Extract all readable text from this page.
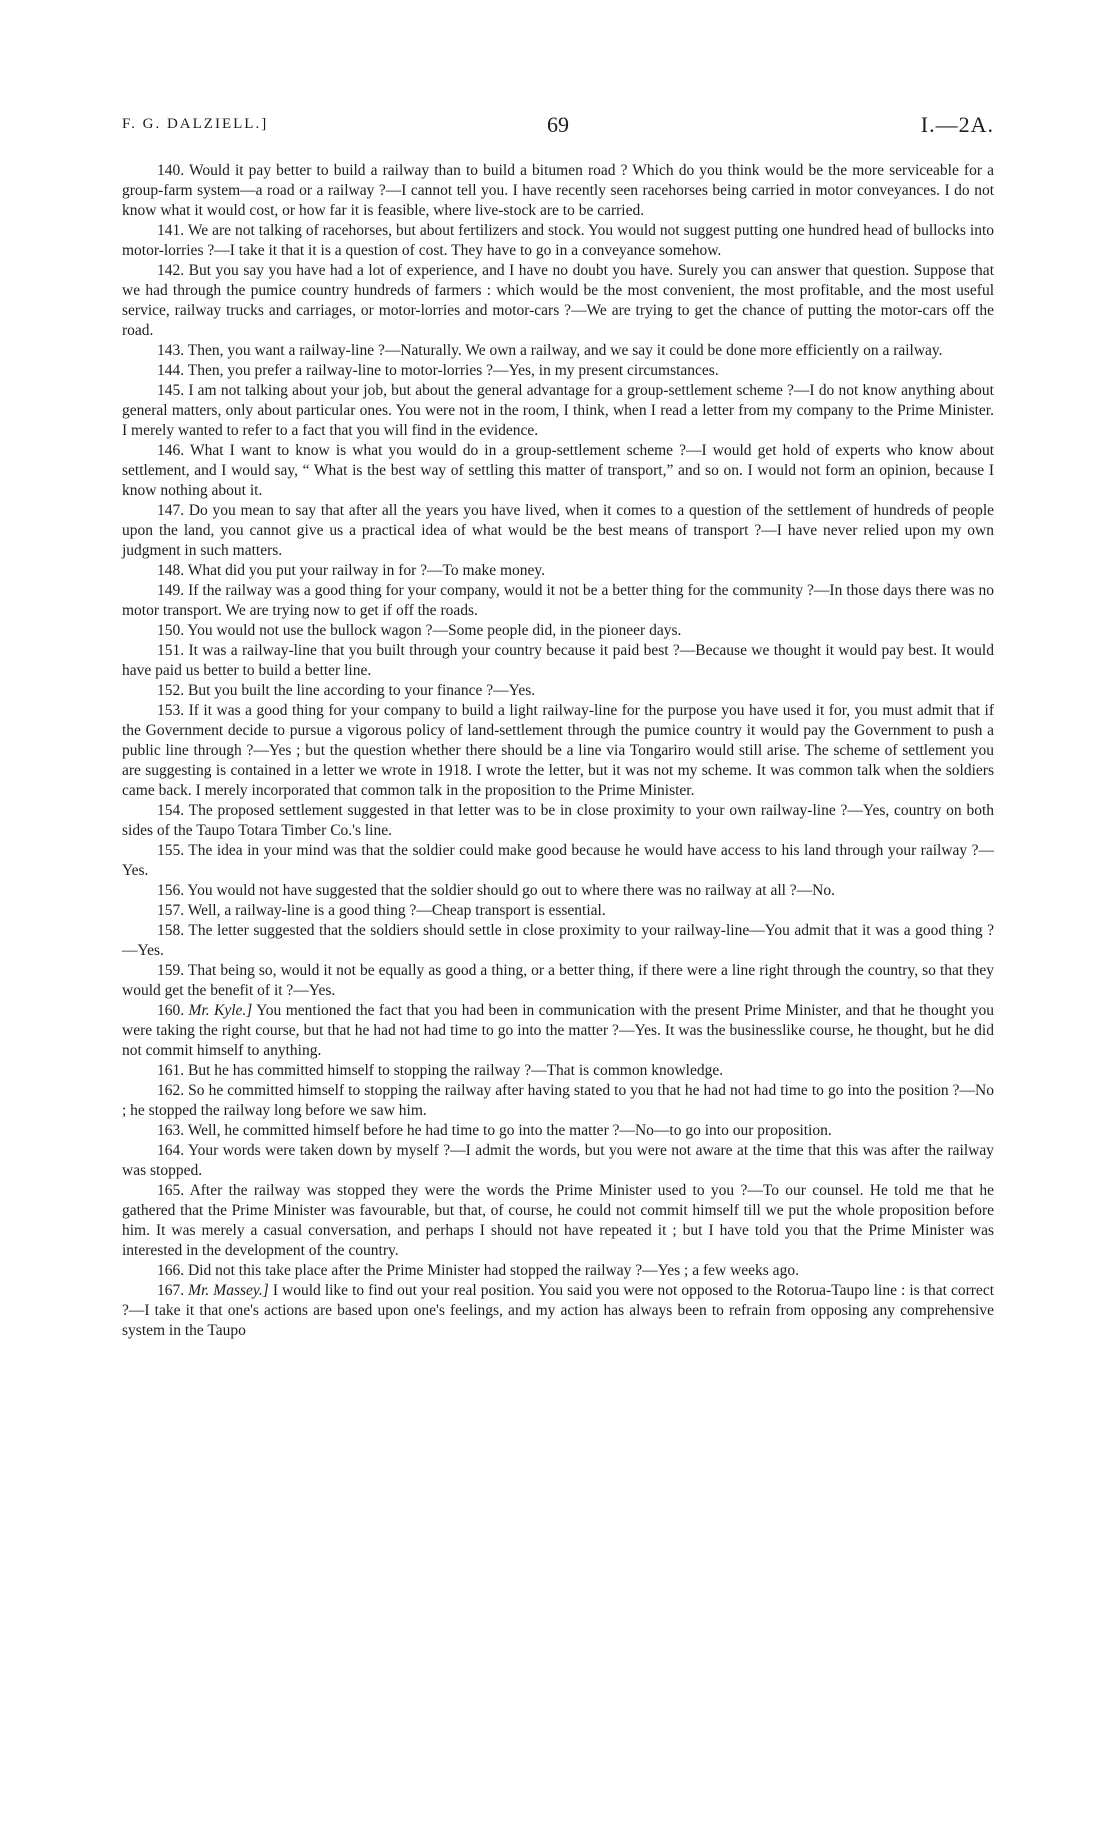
F. G. DALZIELL.]	69	I.—2A.

140. Would it pay better to build a railway than to build a bitumen road ? Which do you think would be the more serviceable for a group-farm system—a road or a railway ?—I cannot tell you. I have recently seen racehorses being carried in motor conveyances. I do not know what it would cost, or how far it is feasible, where live-stock are to be carried.

141. We are not talking of racehorses, but about fertilizers and stock. You would not suggest putting one hundred head of bullocks into motor-lorries ?—I take it that it is a question of cost. They have to go in a conveyance somehow.

142. But you say you have had a lot of experience, and I have no doubt you have. Surely you can answer that question. Suppose that we had through the pumice country hundreds of farmers : which would be the most convenient, the most profitable, and the most useful service, railway trucks and carriages, or motor-lorries and motor-cars ?—We are trying to get the chance of putting the motor-cars off the road.

143. Then, you want a railway-line ?—Naturally. We own a railway, and we say it could be done more efficiently on a railway.

144. Then, you prefer a railway-line to motor-lorries ?—Yes, in my present circumstances.

145. I am not talking about your job, but about the general advantage for a group-settlement scheme ?—I do not know anything about general matters, only about particular ones. You were not in the room, I think, when I read a letter from my company to the Prime Minister. I merely wanted to refer to a fact that you will find in the evidence.

146. What I want to know is what you would do in a group-settlement scheme ?—I would get hold of experts who know about settlement, and I would say, “ What is the best way of settling this matter of transport,” and so on. I would not form an opinion, because I know nothing about it.

147. Do you mean to say that after all the years you have lived, when it comes to a question of the settlement of hundreds of people upon the land, you cannot give us a practical idea of what would be the best means of transport ?—I have never relied upon my own judgment in such matters.

148. What did you put your railway in for ?—To make money.

149. If the railway was a good thing for your company, would it not be a better thing for the community ?—In those days there was no motor transport. We are trying now to get if off the roads.

150. You would not use the bullock wagon ?—Some people did, in the pioneer days.

151. It was a railway-line that you built through your country because it paid best ?—Because we thought it would pay best. It would have paid us better to build a better line.

152. But you built the line according to your finance ?—Yes.

153. If it was a good thing for your company to build a light railway-line for the purpose you have used it for, you must admit that if the Government decide to pursue a vigorous policy of land-settlement through the pumice country it would pay the Government to push a public line through ?—Yes ; but the question whether there should be a line via Tongariro would still arise. The scheme of settlement you are suggesting is contained in a letter we wrote in 1918. I wrote the letter, but it was not my scheme. It was common talk when the soldiers came back. I merely incorporated that common talk in the proposition to the Prime Minister.

154. The proposed settlement suggested in that letter was to be in close proximity to your own railway-line ?—Yes, country on both sides of the Taupo Totara Timber Co.'s line.

155. The idea in your mind was that the soldier could make good because he would have access to his land through your railway ?—Yes.

156. You would not have suggested that the soldier should go out to where there was no railway at all ?—No.

157. Well, a railway-line is a good thing ?—Cheap transport is essential.

158. The letter suggested that the soldiers should settle in close proximity to your railway-line—You admit that it was a good thing ?—Yes.

159. That being so, would it not be equally as good a thing, or a better thing, if there were a line right through the country, so that they would get the benefit of it ?—Yes.

160. Mr. Kyle.] You mentioned the fact that you had been in communication with the present Prime Minister, and that he thought you were taking the right course, but that he had not had time to go into the matter ?—Yes. It was the businesslike course, he thought, but he did not commit himself to anything.

161. But he has committed himself to stopping the railway ?—That is common knowledge.

162. So he committed himself to stopping the railway after having stated to you that he had not had time to go into the position ?—No ; he stopped the railway long before we saw him.

163. Well, he committed himself before he had time to go into the matter ?—No—to go into our proposition.

164. Your words were taken down by myself ?—I admit the words, but you were not aware at the time that this was after the railway was stopped.

165. After the railway was stopped they were the words the Prime Minister used to you ?—To our counsel. He told me that he gathered that the Prime Minister was favourable, but that, of course, he could not commit himself till we put the whole proposition before him. It was merely a casual conversation, and perhaps I should not have repeated it ; but I have told you that the Prime Minister was interested in the development of the country.

166. Did not this take place after the Prime Minister had stopped the railway ?—Yes ; a few weeks ago.

167. Mr. Massey.] I would like to find out your real position. You said you were not opposed to the Rotorua-Taupo line : is that correct ?—I take it that one's actions are based upon one's feelings, and my action has always been to refrain from opposing any comprehensive system in the Taupo
